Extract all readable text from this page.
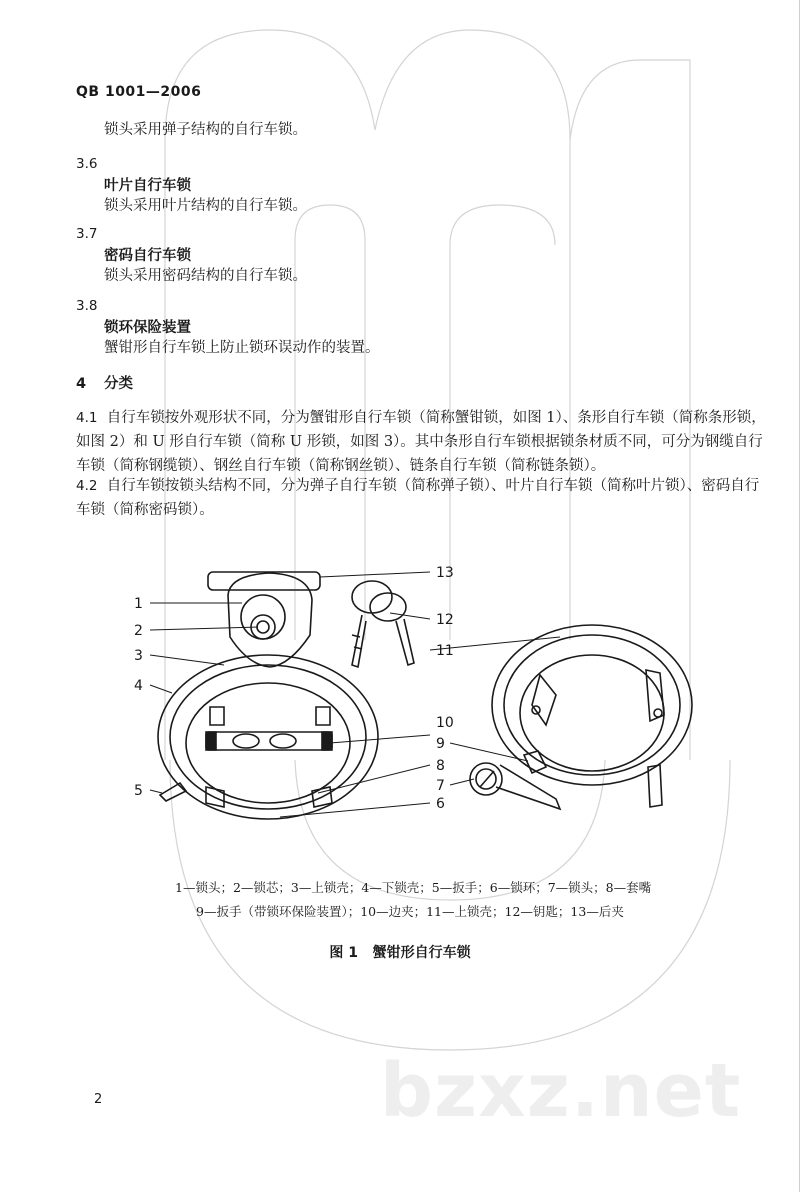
QB 1001—2006
锁头采用弹子结构的自行车锁。
3.6
叶片自行车锁
锁头采用叶片结构的自行车锁。
3.7
密码自行车锁
锁头采用密码结构的自行车锁。
3.8
锁环保险装置
蟹钳形自行车锁上防止锁环误动作的装置。
4 分类
4.1 自行车锁按外观形状不同，分为蟹钳形自行车锁（简称蟹钳锁，如图 1）、条形自行车锁（简称条形锁，如图 2）和 U 形自行车锁（简称 U 形锁，如图 3）。其中条形自行车锁根据锁条材质不同，可分为钢缆自行车锁（简称钢缆锁）、钢丝自行车锁（简称钢丝锁）、链条自行车锁（简称链条锁）。
4.2 自行车锁按锁头结构不同，分为弹子自行车锁（简称弹子锁）、叶片自行车锁（简称叶片锁）、密码自行车锁（简称密码锁）。
1
2
3
4
5
6
7
8
9
10
11
12
13
1—锁头；2—锁芯；3—上锁壳；4—下锁壳；5—扳手；6—锁环；7—锁头；8—套嘴
9—扳手（带锁环保险装置）；10—边夹；11—上锁壳；12—钥匙；13—后夹
图 1 蟹钳形自行车锁
bzxz.net
2
